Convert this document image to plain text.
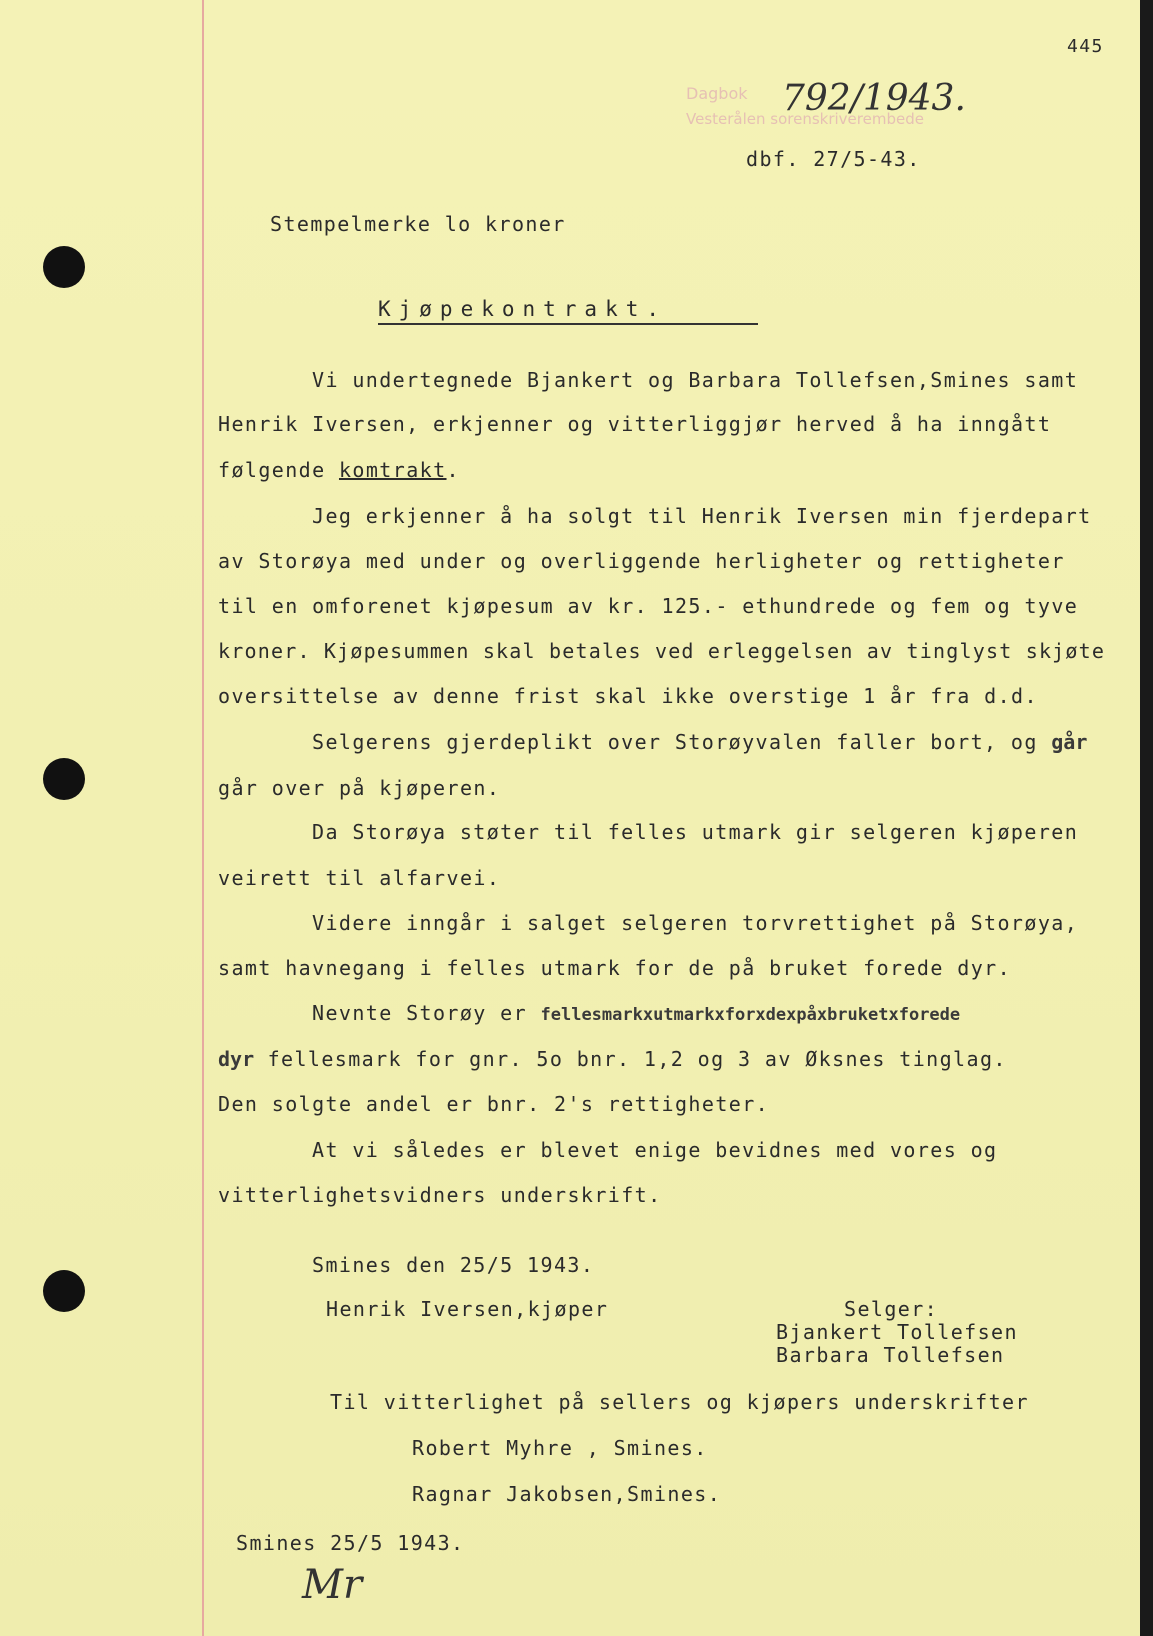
445
Dagbok
Vesterålen sorenskriverembede
792/1943.
dbf. 27/5-43.
Stempelmerke lo kroner
Kjøpekontrakt.
Vi undertegnede Bjankert og Barbara Tollefsen,Smines samt
Henrik Iversen, erkjenner og vitterliggjør herved å ha inngått
følgende komtrakt.
Jeg erkjenner å ha solgt til Henrik Iversen min fjerdepart
av Storøya med under og overliggende herligheter og rettigheter
til en omforenet kjøpesum av kr. 125.- ethundrede og fem og tyve
kroner. Kjøpesummen skal betales ved erleggelsen av tinglyst skjøte
oversittelse av denne frist skal ikke overstige 1 år fra d.d.
Selgerens gjerdeplikt over Storøyvalen faller bort, og går
går over på kjøperen.
Da Storøya støter til felles utmark gir selgeren kjøperen
veirett til alfarvei.
Videre inngår i salget selgeren torvrettighet på Storøya,
samt havnegang i felles utmark for de på bruket forede dyr.
Nevnte Storøy er fellesmarkxutmarkxforxdexpåxbruketxforede
dyr fellesmark for gnr. 5o bnr. 1,2 og 3 av Øksnes tinglag.
Den solgte andel er bnr. 2's rettigheter.
At vi således er blevet enige bevidnes med vores og
vitterlighetsvidners underskrift.
Smines den 25/5 1943.
Henrik Iversen,kjøper	Selger:
Bjankert Tollefsen
Barbara Tollefsen
Til vitterlighet på sellers og kjøpers underskrifter
Robert Myhre , Smines.
Ragnar Jakobsen,Smines.
Smines 25/5 1943.
Mr
